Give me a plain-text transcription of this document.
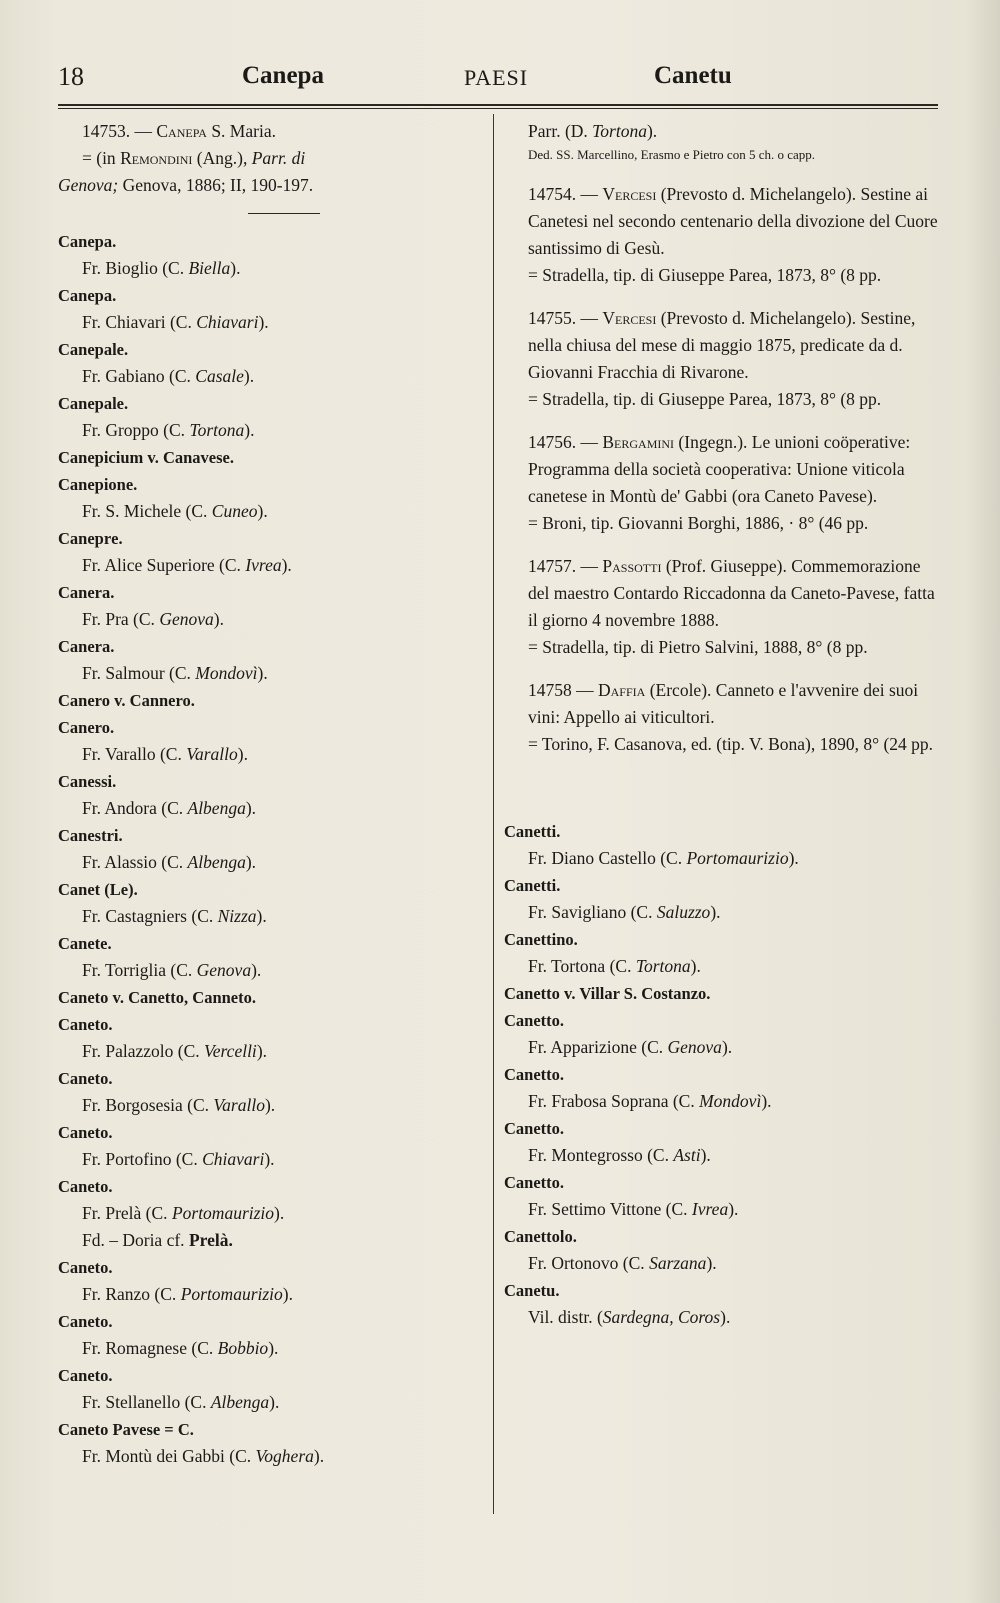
18	Canepa	PAESI	Canetu
14753. — Canepa S. Maria.
= (in Remondini (Ang.), Parr. di
Genova; Genova, 1886; II, 190-197.
Canepa.
Fr. Bioglio (C. Biella).
Canepa.
Fr. Chiavari (C. Chiavari).
Canepale.
Fr. Gabiano (C. Casale).
Canepale.
Fr. Groppo (C. Tortona).
Canepicium v. Canavese.
Canepione.
Fr. S. Michele (C. Cuneo).
Caneprе.
Fr. Alice Superiore (C. Ivrea).
Canera.
Fr. Pra (C. Genova).
Canera.
Fr. Salmour (C. Mondovì).
Canero v. Cannero.
Canero.
Fr. Varallo (C. Varallo).
Canessi.
Fr. Andora (C. Albenga).
Canestri.
Fr. Alassio (C. Albenga).
Canet (Le).
Fr. Castagniers (C. Nizza).
Canete.
Fr. Torriglia (C. Genova).
Caneto v. Canetto, Canneto.
Caneto.
Fr. Palazzolo (C. Vercelli).
Caneto.
Fr. Borgosesia (C. Varallo).
Caneto.
Fr. Portofino (C. Chiavari).
Caneto.
Fr. Prelà (C. Portomaurizio).
Fd. – Doria cf. Prelà.
Caneto.
Fr. Ranzo (C. Portomaurizio).
Caneto.
Fr. Romagnese (C. Bobbio).
Caneto.
Fr. Stellanello (C. Albenga).
Caneto Pavese = C.
Fr. Montù dei Gabbi (C. Voghera).
Parr. (D. Tortona).
Ded. SS. Marcellino, Erasmo e Pietro con 5 ch. o capp.
14754. — Vercesi (Prevosto d. Michelangelo). Sestine ai Canetesi nel secondo centenario della divozione del Cuore santissimo di Gesù.
= Stradella, tip. di Giuseppe Parea, 1873, 8° (8 pp.
14755. — Vercesi (Prevosto d. Michelangelo). Sestine, nella chiusa del mese di maggio 1875, predicate da d. Giovanni Fracchia di Rivarone.
= Stradella, tip. di Giuseppe Parea, 1873, 8° (8 pp.
14756. — Bergamini (Ingegn.). Le unioni coöperative: Programma della società cooperativa: Unione viticola canetese in Montù de' Gabbi (ora Caneto Pavese).
= Broni, tip. Giovanni Borghi, 1886, · 8° (46 pp.
14757. — Passotti (Prof. Giuseppe). Commemorazione del maestro Contardo Riccadonna da Caneto-Pavese, fatta il giorno 4 novembre 1888.
= Stradella, tip. di Pietro Salvini, 1888, 8° (8 pp.
14758 — Daffia (Ercole). Canneto e l'avvenire dei suoi vini: Appello ai viticultori.
= Torino, F. Casanova, ed. (tip. V. Bona), 1890, 8° (24 pp.
Canetti.
Fr. Diano Castello (C. Portomaurizio).
Canetti.
Fr. Savigliano (C. Saluzzo).
Canettino.
Fr. Tortona (C. Tortona).
Canetto v. Villar S. Costanzo.
Canetto.
Fr. Apparizione (C. Genova).
Canetto.
Fr. Frabosa Soprana (C. Mondovì).
Canetto.
Fr. Montegrosso (C. Asti).
Canetto.
Fr. Settimo Vittone (C. Ivrea).
Canettolo.
Fr. Ortonovo (C. Sarzana).
Canetu.
Vil. distr. (Sardegna, Coros).
